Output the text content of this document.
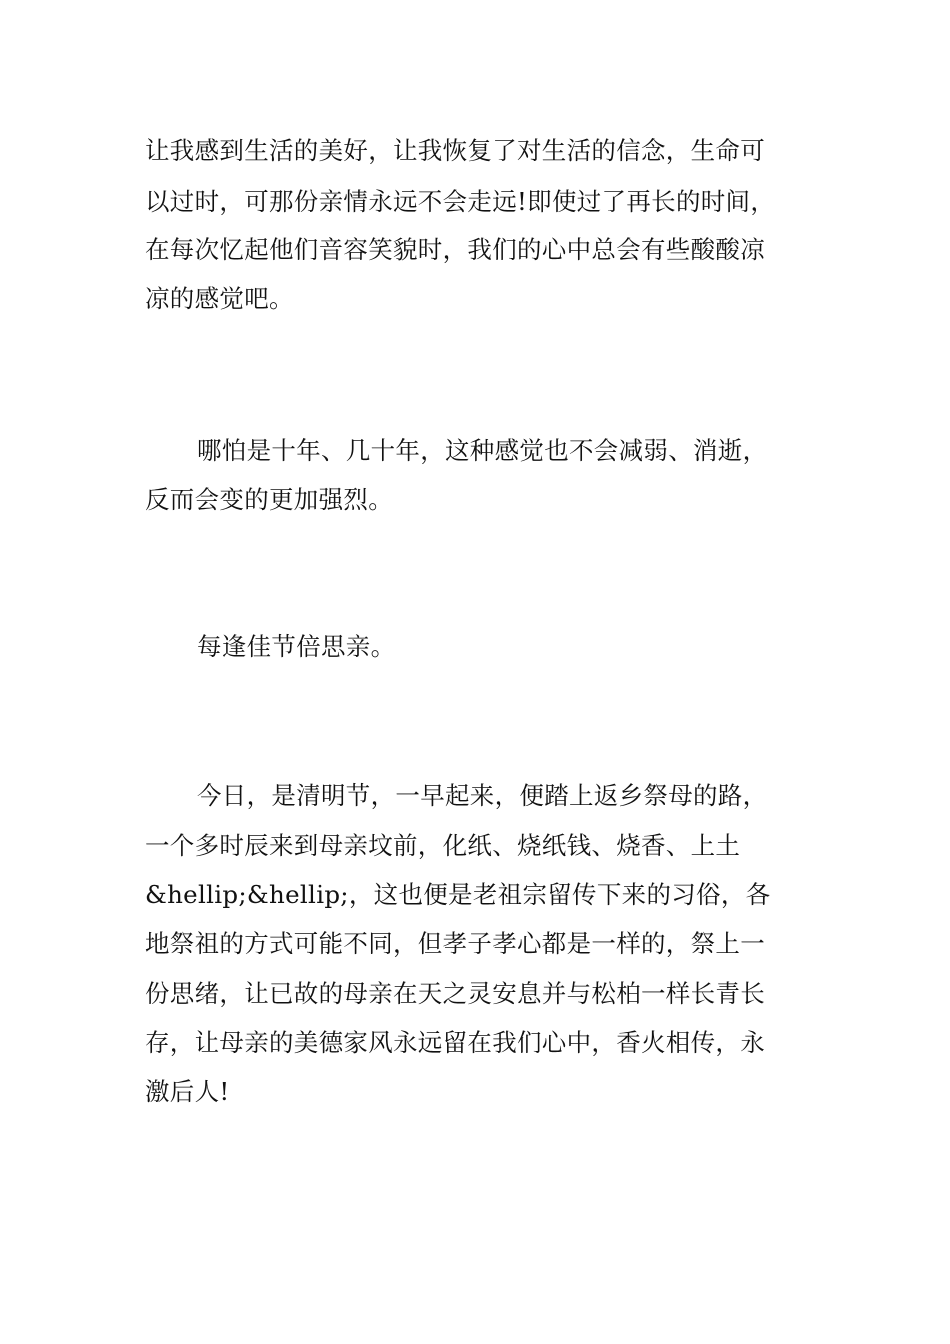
让我感到生活的美好，让我恢复了对生活的信念，生命可
以过时，可那份亲情永远不会走远!即使过了再长的时间，
在每次忆起他们音容笑貌时，我们的心中总会有些酸酸凉
凉的感觉吧。
哪怕是十年、几十年，这种感觉也不会减弱、消逝，
反而会变的更加强烈。
每逢佳节倍思亲。
今日，是清明节，一早起来，便踏上返乡祭母的路，
一个多时辰来到母亲坟前，化纸、烧纸钱、烧香、上土
&hellip;&hellip;，这也便是老祖宗留传下来的习俗，各
地祭祖的方式可能不同，但孝子孝心都是一样的，祭上一
份思绪，让已故的母亲在天之灵安息并与松柏一样长青长
存，让母亲的美德家风永远留在我们心中，香火相传，永
激后人!
